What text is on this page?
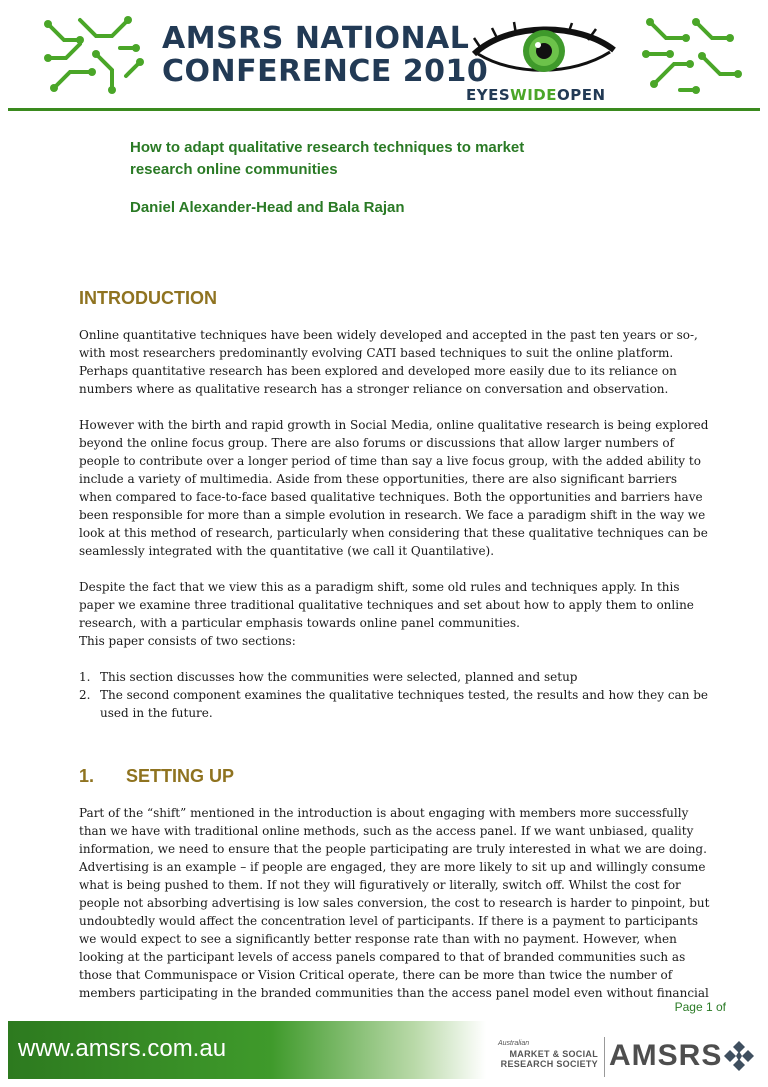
AMSRS NATIONAL
CONFERENCE 2010
EYESWIDEOPEN
How to adapt qualitative research techniques to market
research online communities
Daniel Alexander-Head and Bala Rajan
INTRODUCTION

Online quantitative techniques have been widely developed and accepted in the past ten years or so-, with most researchers predominantly evolving CATI based techniques to suit the online platform. Perhaps quantitative research has been explored and developed more easily due to its reliance on numbers where as qualitative research has a stronger reliance on conversation and observation.

However with the birth and rapid growth in Social Media, online qualitative research is being explored beyond the online focus group. There are also forums or discussions that allow larger numbers of people to contribute over a longer period of time than say a live focus group, with the added ability to include a variety of multimedia. Aside from these opportunities, there are also significant barriers when compared to face-to-face based qualitative techniques. Both the opportunities and barriers have been responsible for more than a simple evolution in research. We face a paradigm shift in the way we look at this method of research, particularly when considering that these qualitative techniques can be seamlessly integrated with the quantitative (we call it Quantilative).

Despite the fact that we view this as a paradigm shift, some old rules and techniques apply. In this paper we examine three traditional qualitative techniques and set about how to apply them to online research, with a particular emphasis towards online panel communities.

This paper consists of two sections:

1. This section discusses how the communities were selected, planned and setup
2. The second component examines the qualitative techniques tested, the results and how they can be used in the future.
1. SETTING UP

Part of the “shift” mentioned in the introduction is about engaging with members more successfully than we have with traditional online methods, such as the access panel. If we want unbiased, quality information, we need to ensure that the people participating are truly interested in what we are doing. Advertising is an example – if people are engaged, they are more likely to sit up and willingly consume what is being pushed to them. If not they will figuratively or literally, switch off. Whilst the cost for people not absorbing advertising is low sales conversion, the cost to research is harder to pinpoint, but undoubtedly would affect the concentration level of participants. If there is a payment to participants we would expect to see a significantly better response rate than with no payment. However, when looking at the participant levels of access panels compared to that of branded communities such as those that Communispace or Vision Critical operate, there can be more than twice the number of members participating in the branded communities than the access panel model even without financial

Page 1 of
www.amsrs.com.au	Australian
MARKET & SOCIAL
RESEARCH SOCIETY AMSRS
